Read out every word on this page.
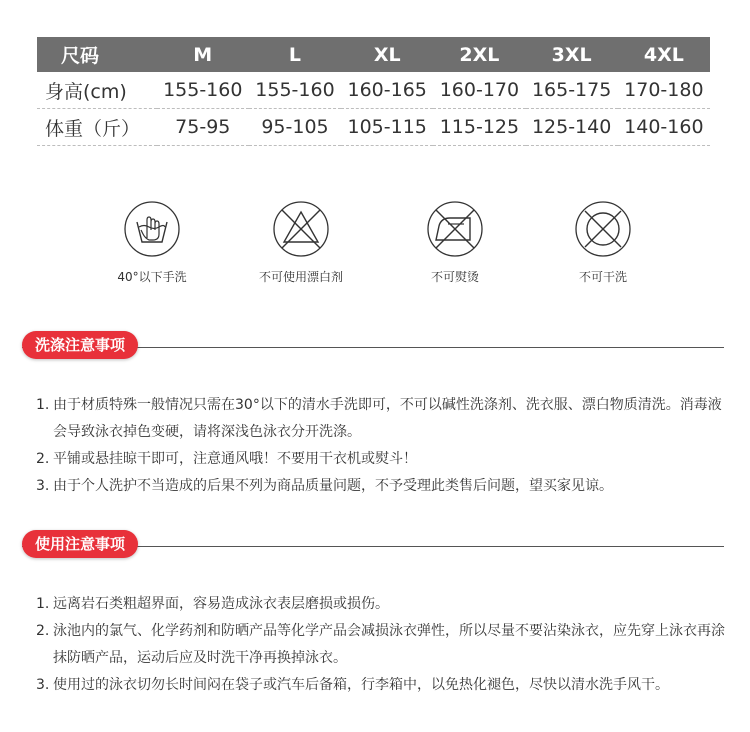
尺码	M	L	XL	2XL	3XL	4XL
身高(cm)	155-160	155-160	160-165	160-170	165-175	170-180
体重（斤）	75-95	95-105	105-115	115-125	125-140	140-160
40°以下手洗	不可使用漂白剂	不可熨烫	不可干洗
洗涤注意事项
1. 由于材质特殊一般情况只需在30°以下的清水手洗即可，不可以碱性洗涤剂、洗衣服、漂白物质清洗。消毒液会导致泳衣掉色变硬，请将深浅色泳衣分开洗涤。
2. 平铺或悬挂晾干即可，注意通风哦！不要用干衣机或熨斗！
3. 由于个人洗护不当造成的后果不列为商品质量问题，不予受理此类售后问题，望买家见谅。
使用注意事项
1. 远离岩石类粗超界面，容易造成泳衣表层磨损或损伤。
2. 泳池内的氯气、化学药剂和防晒产品等化学产品会减损泳衣弹性，所以尽量不要沾染泳衣，应先穿上泳衣再涂抹防晒产品，运动后应及时洗干净再换掉泳衣。
3. 使用过的泳衣切勿长时间闷在袋子或汽车后备箱，行李箱中，以免热化褪色，尽快以清水洗手风干。
